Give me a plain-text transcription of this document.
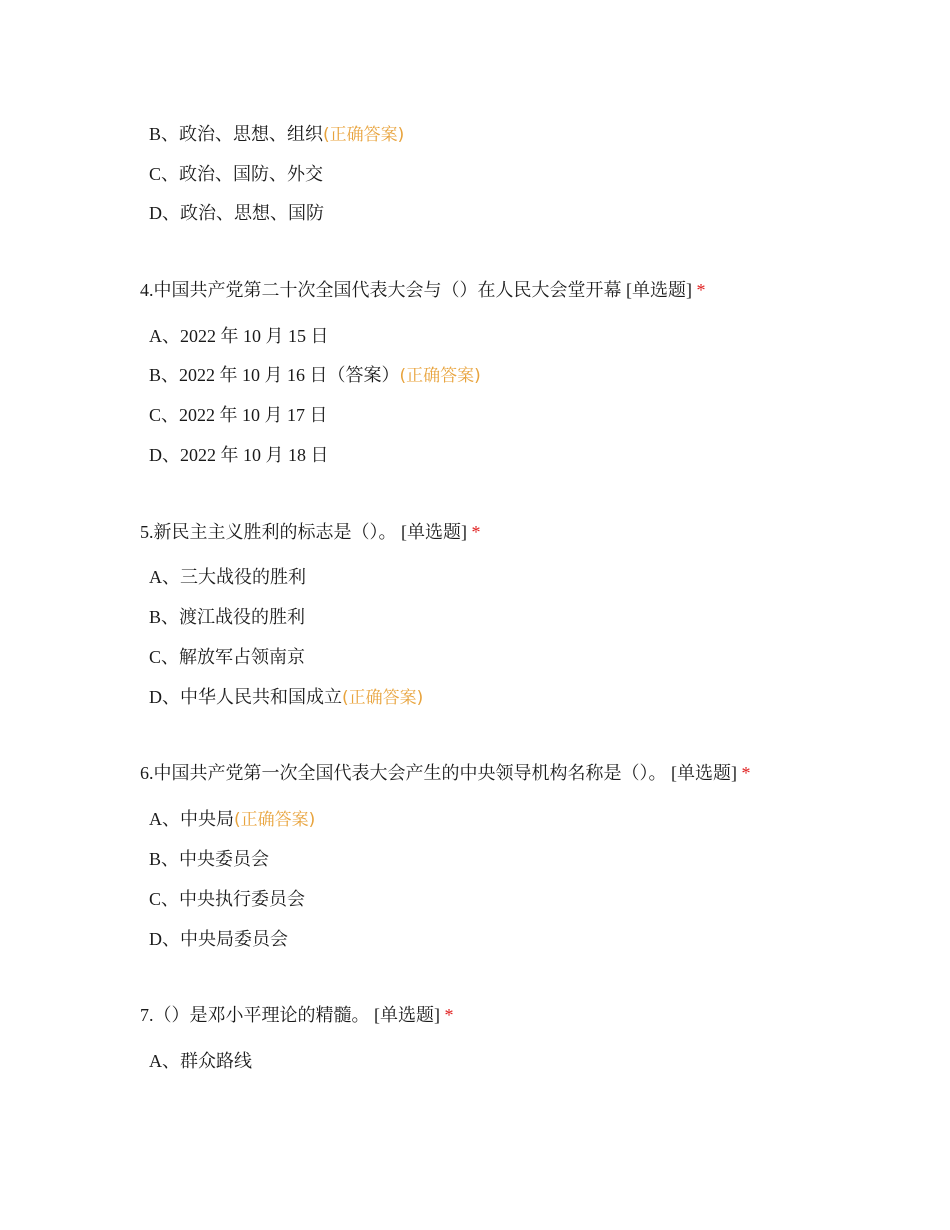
B、政治、思想、组织(正确答案)
C、政治、国防、外交
D、政治、思想、国防
4.中国共产党第二十次全国代表大会与（）在人民大会堂开幕 [单选题] *
A、2022 年 10 月 15 日
B、2022 年 10 月 16 日（答案）(正确答案)
C、2022 年 10 月 17 日
D、2022 年 10 月 18 日
5.新民主主义胜利的标志是（）。 [单选题] *
A、三大战役的胜利
B、渡江战役的胜利
C、解放军占领南京
D、中华人民共和国成立(正确答案)
6.中国共产党第一次全国代表大会产生的中央领导机构名称是（）。 [单选题] *
A、中央局(正确答案)
B、中央委员会
C、中央执行委员会
D、中央局委员会
7.（）是邓小平理论的精髓。 [单选题] *
A、群众路线
